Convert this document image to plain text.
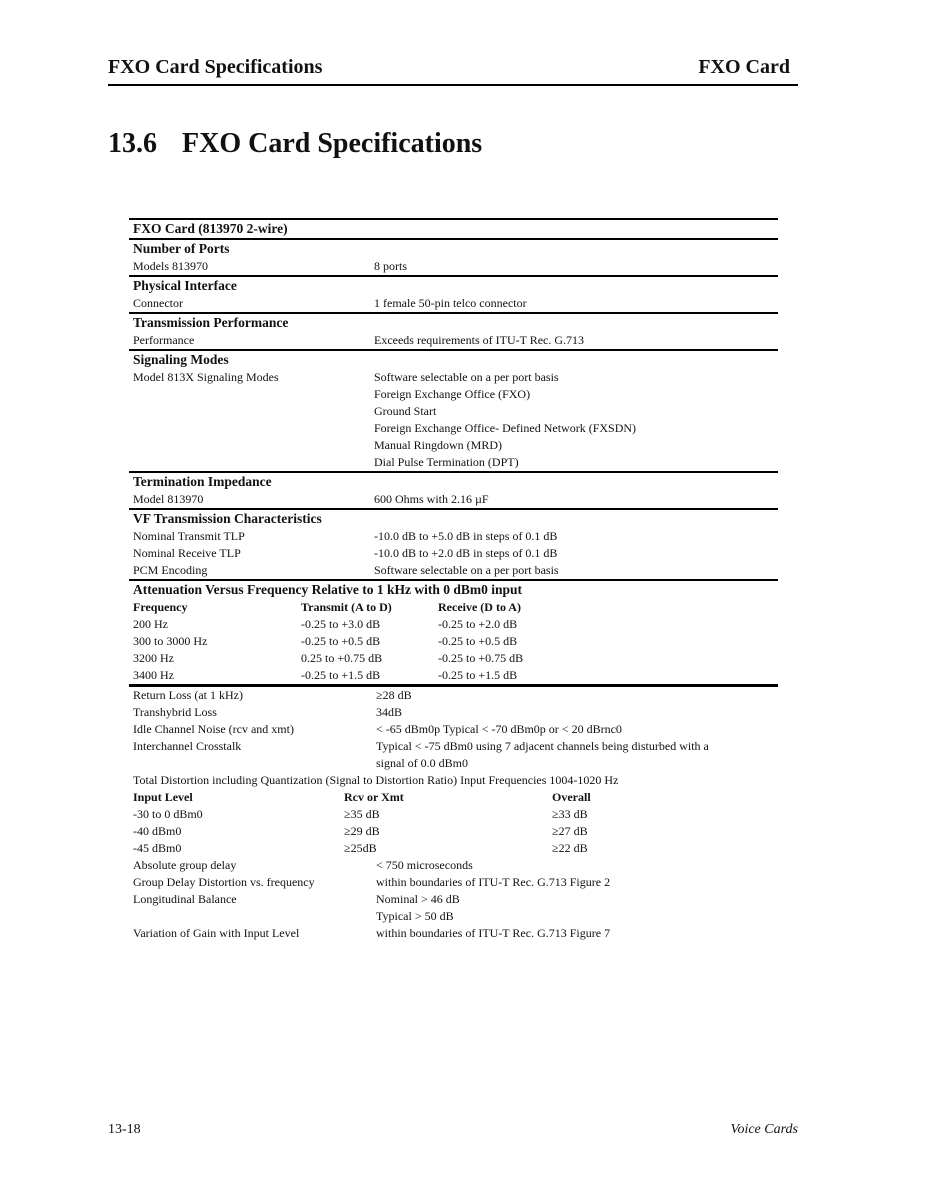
FXO Card Specifications	FXO Card
13.6 FXO Card Specifications
FXO Card (813970 2-wire)
Number of Ports
Models 813970	8 ports
Physical Interface
Connector	1 female 50-pin telco connector
Transmission Performance
Performance	Exceeds requirements of ITU-T Rec. G.713
Signaling Modes
Model 813X Signaling Modes	Software selectable on a per port basis
Foreign Exchange Office (FXO)
Ground Start
Foreign Exchange Office- Defined Network (FXSDN)
Manual Ringdown (MRD)
Dial Pulse Termination (DPT)
Termination Impedance
Model 813970	600 Ohms with 2.16 µF
VF Transmission Characteristics
Nominal Transmit TLP	-10.0 dB to +5.0 dB in steps of 0.1 dB
Nominal Receive TLP	-10.0 dB to +2.0 dB in steps of 0.1 dB
PCM Encoding	Software selectable on a per port basis
Attenuation Versus Frequency Relative to 1 kHz with 0 dBm0 input
Frequency	Transmit (A to D)	Receive (D to A)
200 Hz	-0.25 to +3.0 dB	-0.25 to +2.0 dB
300 to 3000 Hz	-0.25 to +0.5 dB	-0.25 to +0.5 dB
3200 Hz	0.25 to +0.75 dB	-0.25 to +0.75 dB
3400 Hz	-0.25 to +1.5 dB	-0.25 to +1.5 dB
Return Loss (at 1 kHz)	≥28 dB
Transhybrid Loss	34dB
Idle Channel Noise (rcv and xmt)	< -65 dBm0p Typical < -70 dBm0p or < 20 dBrnc0
Interchannel Crosstalk	Typical < -75 dBm0 using 7 adjacent channels being disturbed with a
signal of 0.0 dBm0
Total Distortion including Quantization (Signal to Distortion Ratio) Input Frequencies 1004-1020 Hz
Input Level	Rcv or Xmt	Overall
-30 to 0 dBm0	≥35 dB	≥33 dB
-40 dBm0	≥29 dB	≥27 dB
-45 dBm0	≥25dB	≥22 dB
Absolute group delay	< 750 microseconds
Group Delay Distortion vs. frequency	within boundaries of ITU-T Rec. G.713 Figure 2
Longitudinal Balance	Nominal > 46 dB
Typical > 50 dB
Variation of Gain with Input Level	within boundaries of ITU-T Rec. G.713 Figure 7
13-18	Voice Cards
